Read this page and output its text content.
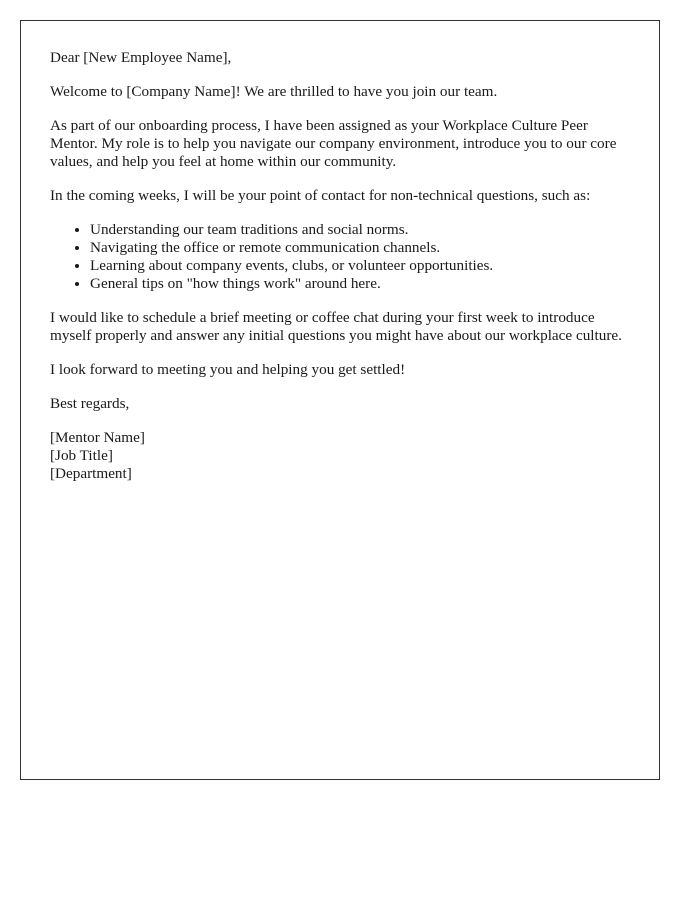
Dear [New Employee Name],

Welcome to [Company Name]! We are thrilled to have you join our team.

As part of our onboarding process, I have been assigned as your Workplace Culture Peer Mentor. My role is to help you navigate our company environment, introduce you to our core values, and help you feel at home within our community.

In the coming weeks, I will be your point of contact for non-technical questions, such as:

• Understanding our team traditions and social norms.
• Navigating the office or remote communication channels.
• Learning about company events, clubs, or volunteer opportunities.
• General tips on "how things work" around here.

I would like to schedule a brief meeting or coffee chat during your first week to introduce myself properly and answer any initial questions you might have about our workplace culture.

I look forward to meeting you and helping you get settled!

Best regards,

[Mentor Name]
[Job Title]
[Department]
